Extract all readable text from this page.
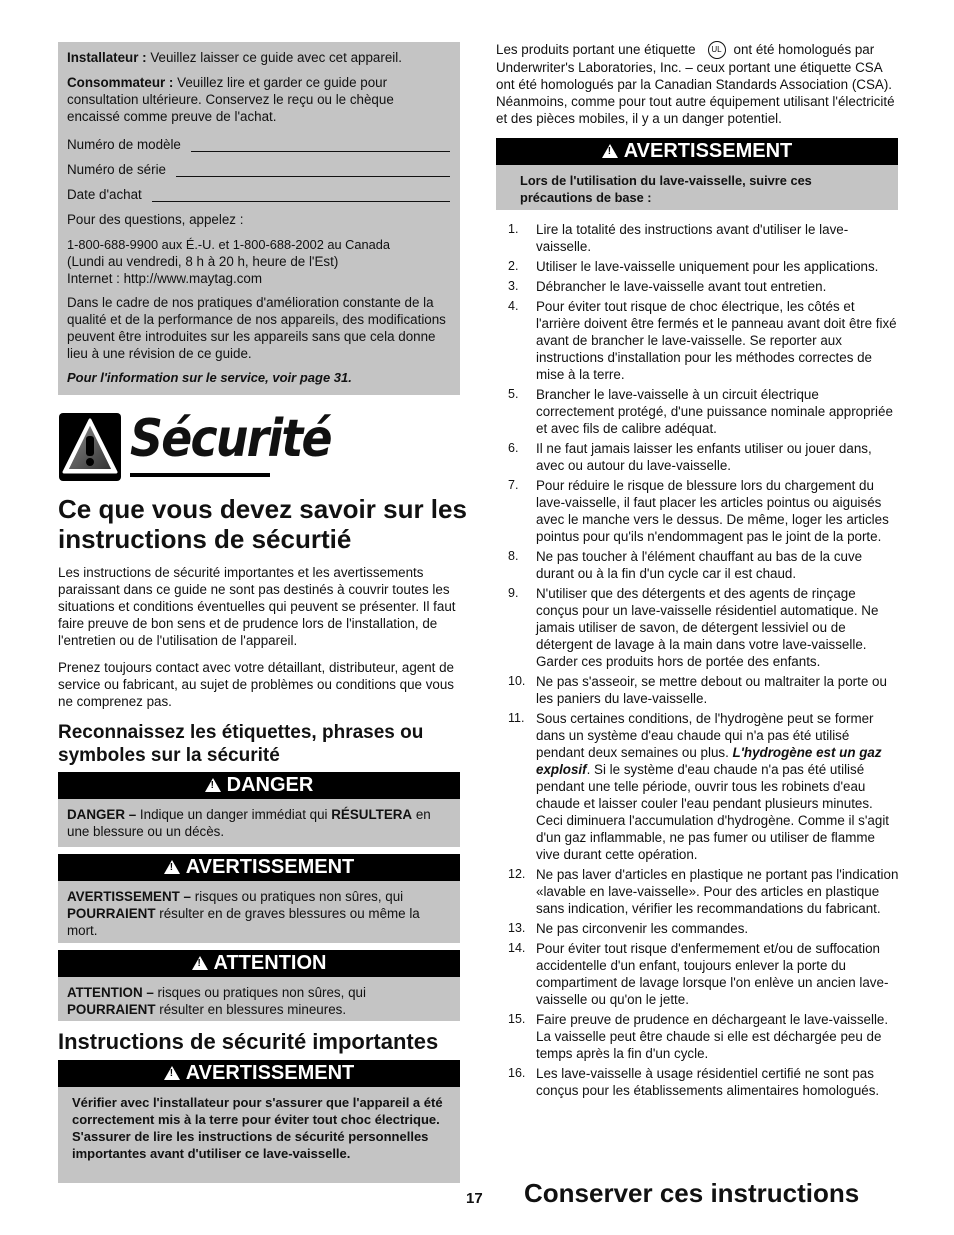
Installateur : Veuillez laisser ce guide avec cet appareil.

Consommateur : Veuillez lire et garder ce guide pour consultation ultérieure. Conservez le reçu ou le chèque encaissé comme preuve de l'achat.

Numéro de modèle
Numéro de série
Date d'achat

Pour des questions, appelez :

1-800-688-9900 aux É.-U. et 1-800-688-2002 au Canada

(Lundi au vendredi, 8 h à 20 h, heure de l'Est)

Internet : http://www.maytag.com

Dans le cadre de nos pratiques d'amélioration constante de la qualité et de la performance de nos appareils, des modifications peuvent être introduites sur les appareils sans que cela donne lieu à une révision de ce guide.

Pour l'information sur le service, voir page 31.

Sécurité
Ce que vous devez savoir sur les instructions de sécurtié

Les instructions de sécurité importantes et les avertissements paraissant dans ce guide ne sont pas destinés à couvrir toutes les situations et conditions éventuelles qui peuvent se présenter. Il faut faire preuve de bon sens et de prudence lors de l'installation, de l'entretien ou de l'utilisation de l'appareil.

Prenez toujours contact avec votre détaillant, distributeur, agent de service ou fabricant, au sujet de problèmes ou conditions que vous ne comprenez pas.

Reconnaissez les étiquettes, phrases ou symboles sur la sécurité
!DANGER

DANGER – Indique un danger immédiat qui RÉSULTERA en une blessure ou un décès.

!AVERTISSEMENT

AVERTISSEMENT – risques ou pratiques non sûres, qui POURRAIENT résulter en de graves blessures ou même la mort.

!ATTENTION

ATTENTION – risques ou pratiques non sûres, qui POURRAIENT résulter en blessures mineures.

Instructions de sécurité importantes
!AVERTISSEMENT

Vérifier avec l'installateur pour s'assurer que l'appareil a été correctement mis à la terre pour éviter tout choc électrique. S'assurer de lire les instructions de sécurité personnelles importantes avant d'utiliser ce lave-vaisselle.

17

Les produits portant une étiquette UL ont été homologués par Underwriter's Laboratories, Inc. – ceux portant une étiquette CSA ont été homologués par la Canadian Standards Association (CSA). Néanmoins, comme pour tout autre équipement utilisant l'électricité et des pièces mobiles, il y a un danger potentiel.

!AVERTISSEMENT

Lors de l'utilisation du lave-vaisselle, suivre ces précautions de base :

1.	Lire la totalité des instructions avant d'utiliser le lave-vaisselle.
2.	Utiliser le lave-vaisselle uniquement pour les applications.
3.	Débrancher le lave-vaisselle avant tout entretien.
4.	Pour éviter tout risque de choc électrique, les côtés et l'arrière doivent être fermés et le panneau avant doit être fixé avant de brancher le lave-vaisselle. Se reporter aux instructions d'installation pour les méthodes correctes de mise à la terre.
5.	Brancher le lave-vaisselle à un circuit électrique correctement protégé, d'une puissance nominale appropriée et avec fils de calibre adéquat.
6.	Il ne faut jamais laisser les enfants utiliser ou jouer dans, avec ou autour du lave-vaisselle.
7.	Pour réduire le risque de blessure lors du chargement du lave-vaisselle, il faut placer les articles pointus ou aiguisés avec le manche vers le dessus. De même, loger les articles pointus pour qu'ils n'endommagent pas le joint de la porte.
8.	Ne pas toucher à l'élément chauffant au bas de la cuve durant ou à la fin d'un cycle car il est chaud.
9.	N'utiliser que des détergents et des agents de rinçage conçus pour un lave-vaisselle résidentiel automatique. Ne jamais utiliser de savon, de détergent lessiviel ou de détergent de lavage à la main dans votre lave-vaisselle. Garder ces produits hors de portée des enfants.
10. Ne pas s'asseoir, se mettre debout ou maltraiter la porte ou les paniers du lave-vaisselle.
11. Sous certaines conditions, de l'hydrogène peut se former dans un système d'eau chaude qui n'a pas été utilisé pendant deux semaines ou plus. L'hydrogène est un gaz explosif. Si le système d'eau chaude n'a pas été utilisé pendant une telle période, ouvrir tous les robinets d'eau chaude et laisser couler l'eau pendant plusieurs minutes. Ceci diminuera l'accumulation d'hydrogène. Comme il s'agit d'un gaz inflammable, ne pas fumer ou utiliser de flamme vive durant cette opération.
12. Ne pas laver d'articles en plastique ne portant pas l'indication «lavable en lave-vaisselle». Pour des articles en plastique sans indication, vérifier les recommandations du fabricant.
13. Ne pas circonvenir les commandes.
14. Pour éviter tout risque d'enfermement et/ou de suffocation accidentelle d'un enfant, toujours enlever la porte du compartiment de lavage lorsque l'on enlève un ancien lave-vaisselle ou qu'on le jette.
15. Faire preuve de prudence en déchargeant le lave-vaisselle. La vaisselle peut être chaude si elle est déchargée peu de temps après la fin d'un cycle.
16. Les lave-vaisselle à usage résidentiel certifié ne sont pas conçus pour les établissements alimentaires homologués.
Conserver ces instructions
